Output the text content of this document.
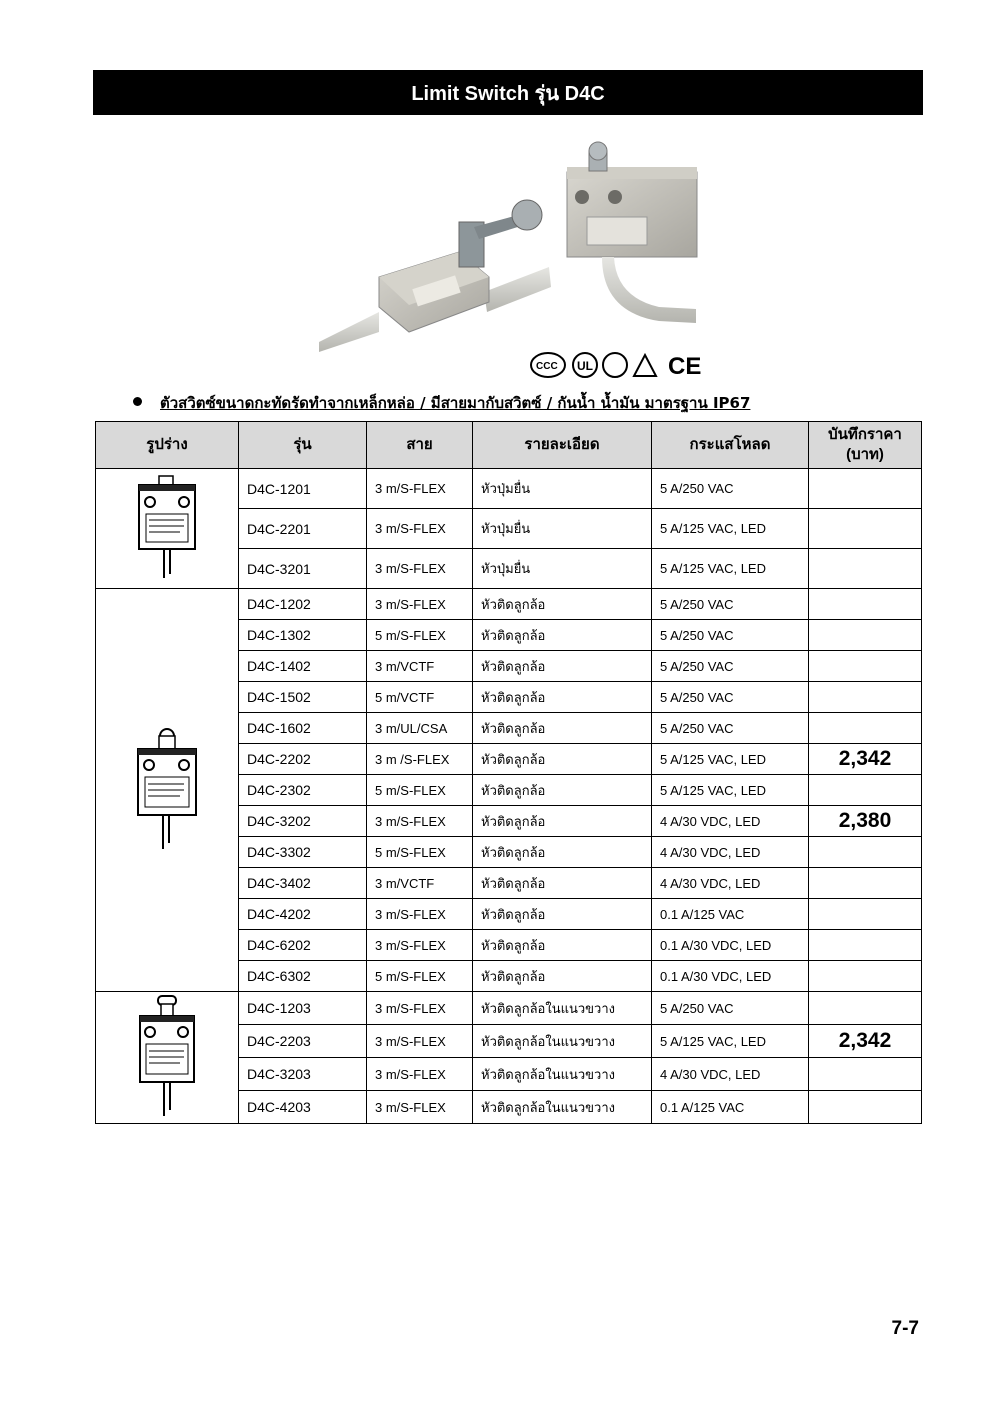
Limit Switch รุ่น D4C
CCC UL	CE
ตัวสวิตซ์ขนาดกะทัดรัดทำจากเหล็กหล่อ / มีสายมากับสวิตซ์ / กันน้ำ น้ำมัน มาตรฐาน IP67
รูปร่าง	รุ่น	สาย	รายละเอียด	กระแสโหลด	บันทึกราคา
(บาท)
	D4C-1201	3 m/S-FLEX	หัวปุ่มยื่น	5 A/250 VAC	
	D4C-2201	3 m/S-FLEX	หัวปุ่มยื่น	5 A/125 VAC, LED	
	D4C-3201	3 m/S-FLEX	หัวปุ่มยื่น	5 A/125 VAC, LED	
	D4C-1202	3 m/S-FLEX	หัวติดลูกล้อ	5 A/250 VAC	
	D4C-1302	5 m/S-FLEX	หัวติดลูกล้อ	5 A/250 VAC	
	D4C-1402	3 m/VCTF	หัวติดลูกล้อ	5 A/250 VAC	
	D4C-1502	5 m/VCTF	หัวติดลูกล้อ	5 A/250 VAC	
	D4C-1602	3 m/UL/CSA	หัวติดลูกล้อ	5 A/250 VAC	
	D4C-2202	3 m /S-FLEX	หัวติดลูกล้อ	5 A/125 VAC, LED	2,342
	D4C-2302	5 m/S-FLEX	หัวติดลูกล้อ	5 A/125 VAC, LED	
	D4C-3202	3 m/S-FLEX	หัวติดลูกล้อ	4 A/30 VDC, LED	2,380
	D4C-3302	5 m/S-FLEX	หัวติดลูกล้อ	4 A/30 VDC, LED	
	D4C-3402	3 m/VCTF	หัวติดลูกล้อ	4 A/30 VDC, LED	
	D4C-4202	3 m/S-FLEX	หัวติดลูกล้อ	0.1 A/125 VAC	
	D4C-6202	3 m/S-FLEX	หัวติดลูกล้อ	0.1 A/30 VDC, LED	
	D4C-6302	5 m/S-FLEX	หัวติดลูกล้อ	0.1 A/30 VDC, LED	
	D4C-1203	3 m/S-FLEX	หัวติดลูกล้อในแนวขวาง	5 A/250 VAC	
	D4C-2203	3 m/S-FLEX	หัวติดลูกล้อในแนวขวาง	5 A/125 VAC, LED	2,342
	D4C-3203	3 m/S-FLEX	หัวติดลูกล้อในแนวขวาง	4 A/30 VDC, LED	
	D4C-4203	3 m/S-FLEX	หัวติดลูกล้อในแนวขวาง	0.1 A/125 VAC	
7-7
